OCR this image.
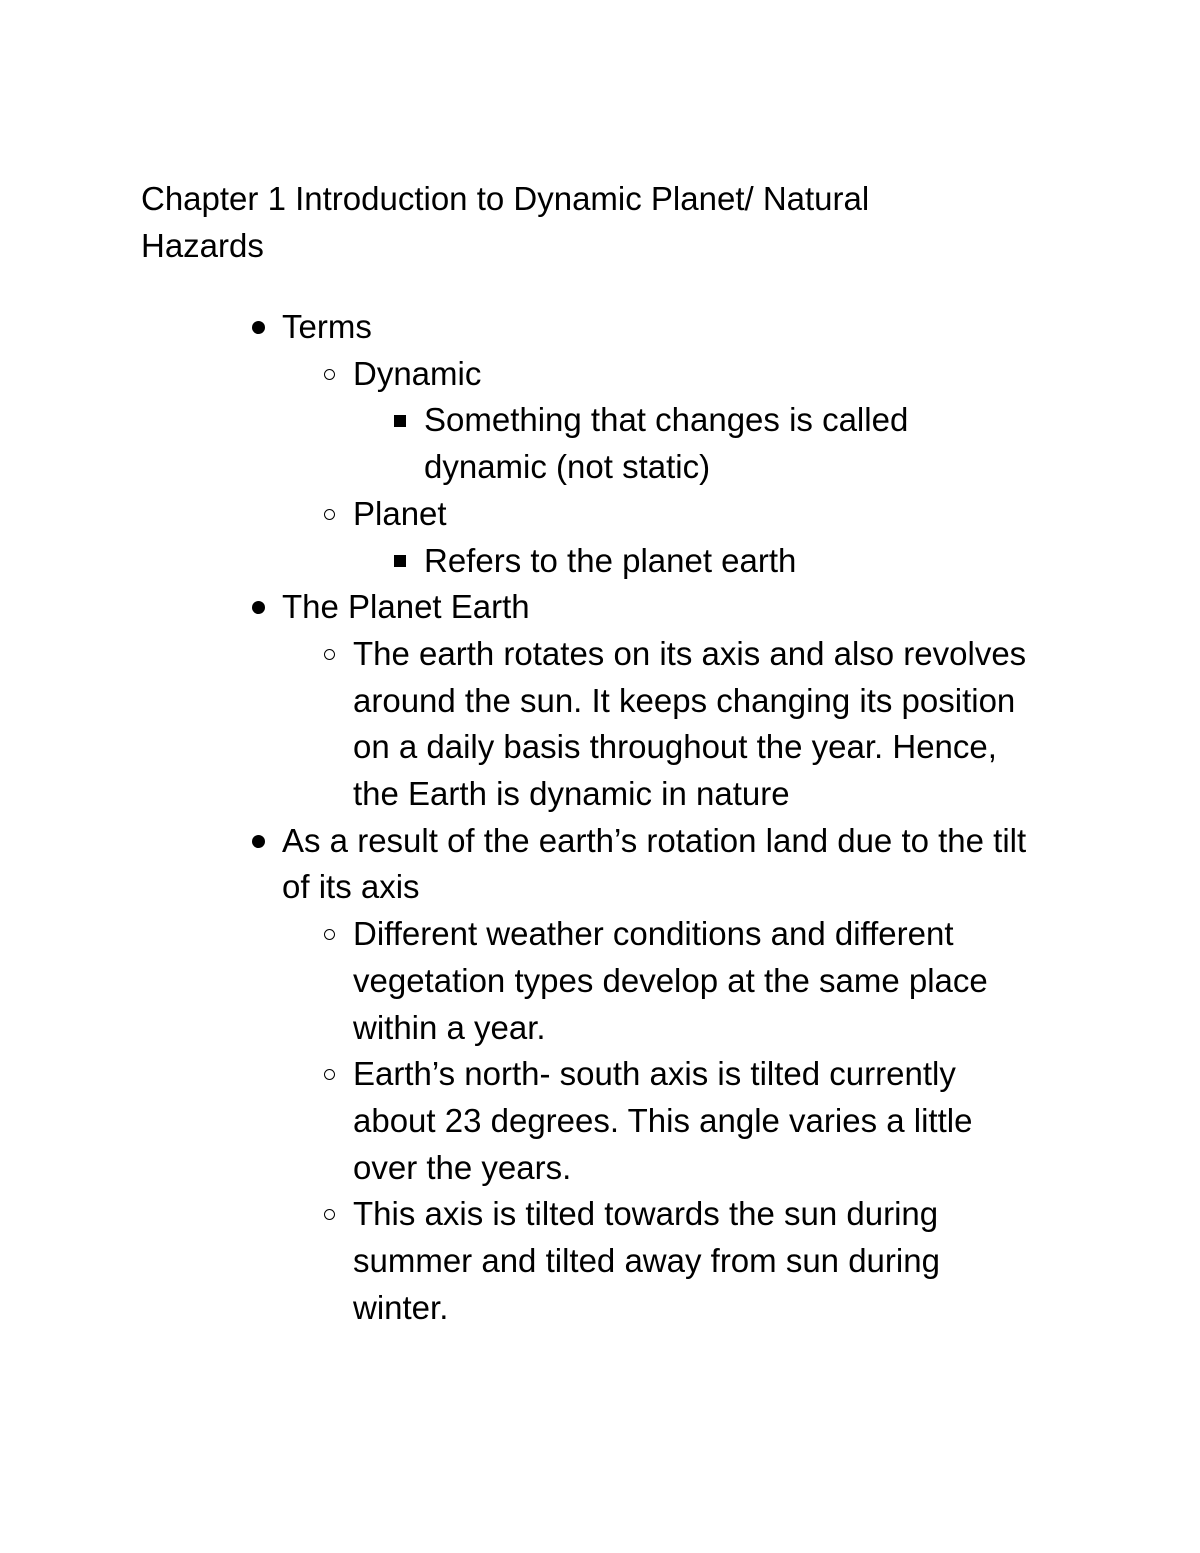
Chapter 1 Introduction to Dynamic Planet/ Natural Hazards
Terms
Dynamic
Something that changes is called dynamic (not static)
Planet
Refers to the planet earth
The Planet Earth
The earth rotates on its axis and also revolves around the sun. It keeps changing its position on a daily basis throughout the year. Hence, the Earth is dynamic in nature
As a result of the earth’s rotation land due to the tilt of its axis
Different weather conditions and different vegetation types develop at the same place within a year.
Earth’s north- south axis is tilted currently about 23 degrees. This angle varies a little over the years.
This axis is tilted towards the sun during summer and tilted away from sun during winter.
